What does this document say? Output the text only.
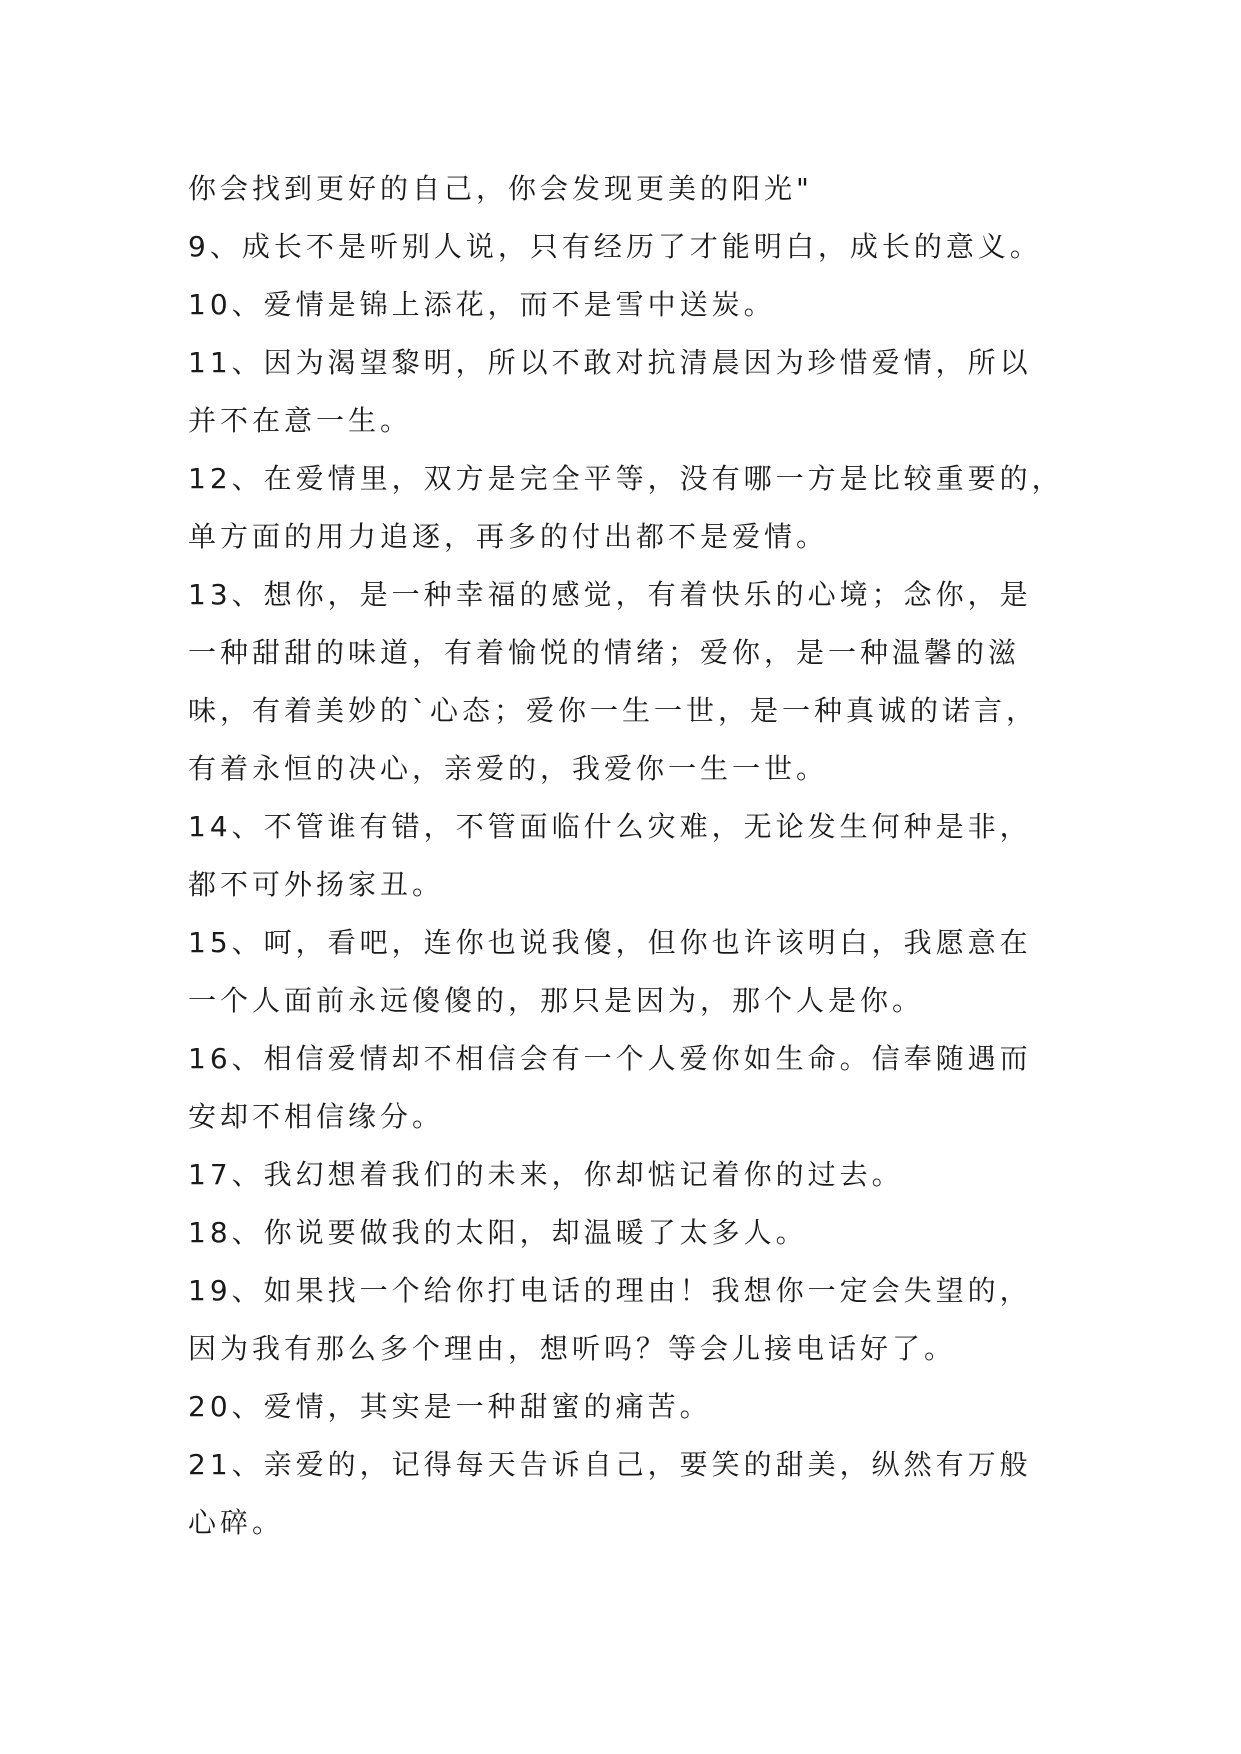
你会找到更好的自己，你会发现更美的阳光"
9、成长不是听别人说，只有经历了才能明白，成长的意义。
10、爱情是锦上添花，而不是雪中送炭。
11、因为渴望黎明，所以不敢对抗清晨因为珍惜爱情，所以
并不在意一生。
12、在爱情里，双方是完全平等，没有哪一方是比较重要的，
单方面的用力追逐，再多的付出都不是爱情。
13、想你，是一种幸福的感觉，有着快乐的心境；念你，是
一种甜甜的味道，有着愉悦的情绪；爱你，是一种温馨的滋
味，有着美妙的`心态；爱你一生一世，是一种真诚的诺言，
有着永恒的决心，亲爱的，我爱你一生一世。
14、不管谁有错，不管面临什么灾难，无论发生何种是非，
都不可外扬家丑。
15、呵，看吧，连你也说我傻，但你也许该明白，我愿意在
一个人面前永远傻傻的，那只是因为，那个人是你。
16、相信爱情却不相信会有一个人爱你如生命。信奉随遇而
安却不相信缘分。
17、我幻想着我们的未来，你却惦记着你的过去。
18、你说要做我的太阳，却温暖了太多人。
19、如果找一个给你打电话的理由！我想你一定会失望的，
因为我有那么多个理由，想听吗？等会儿接电话好了。
20、爱情，其实是一种甜蜜的痛苦。
21、亲爱的，记得每天告诉自己，要笑的甜美，纵然有万般
心碎。
